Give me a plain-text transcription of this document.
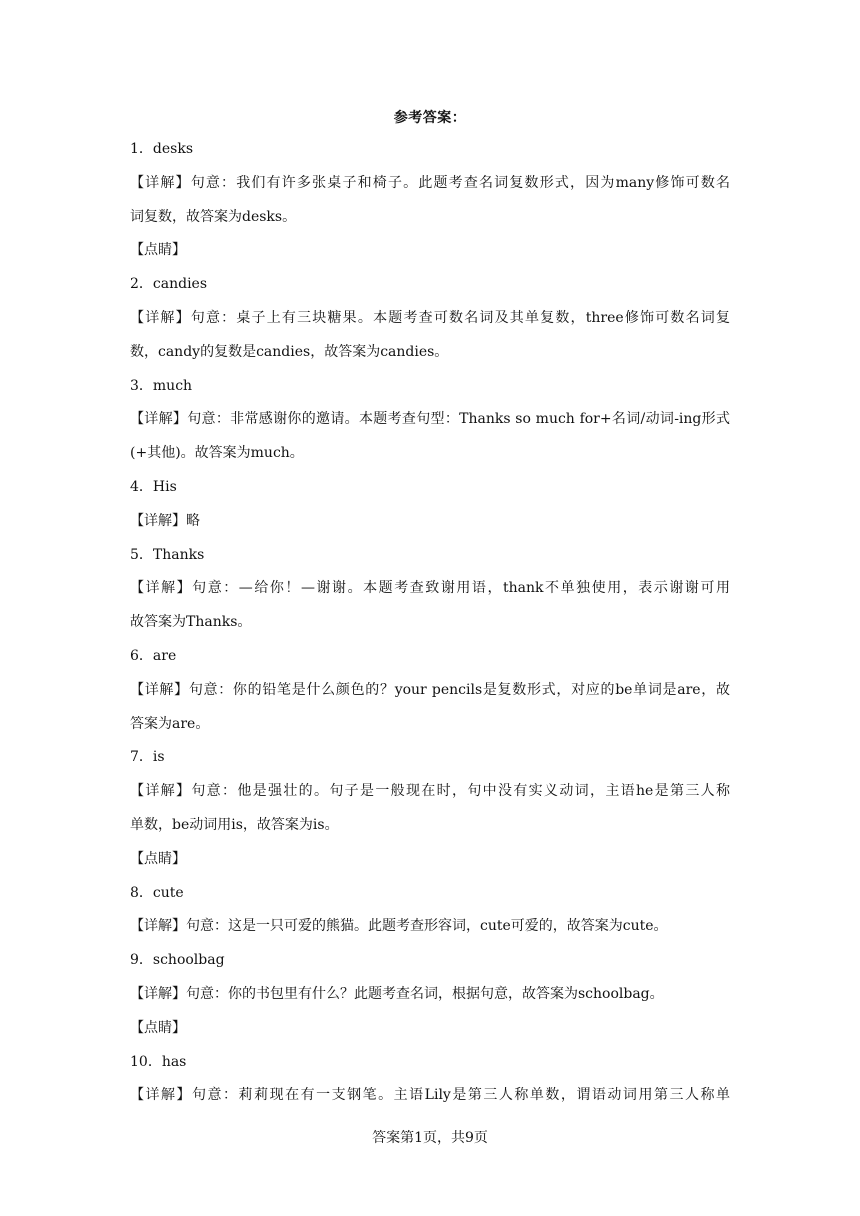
参考答案：
1．desks
【详解】句意：我们有许多张桌子和椅子。此题考查名词复数形式，因为many修饰可数名
词复数，故答案为desks。
【点睛】
2．candies
【详解】句意：桌子上有三块糖果。本题考查可数名词及其单复数，three修饰可数名词复
数，candy的复数是candies，故答案为candies。
3．much
【详解】句意：非常感谢你的邀请。本题考查句型：Thanks so much for+名词/动词-ing形式
(+其他)。故答案为much。
4．His
【详解】略
5．Thanks
【详解】句意：—给你！—谢谢。本题考查致谢用语，thank不单独使用，表示谢谢可用
故答案为Thanks。
6．are
【详解】句意：你的铅笔是什么颜色的？your pencils是复数形式，对应的be单词是are，故
答案为are。
7．is
【详解】句意：他是强壮的。句子是一般现在时，句中没有实义动词，主语he是第三人称
单数，be动词用is，故答案为is。
【点睛】
8．cute
【详解】句意：这是一只可爱的熊猫。此题考查形容词，cute可爱的，故答案为cute。
9．schoolbag
【详解】句意：你的书包里有什么？此题考查名词，根据句意，故答案为schoolbag。
【点睛】
10．has
【详解】句意：莉莉现在有一支钢笔。主语Lily是第三人称单数，谓语动词用第三人称单
答案第1页，共9页
